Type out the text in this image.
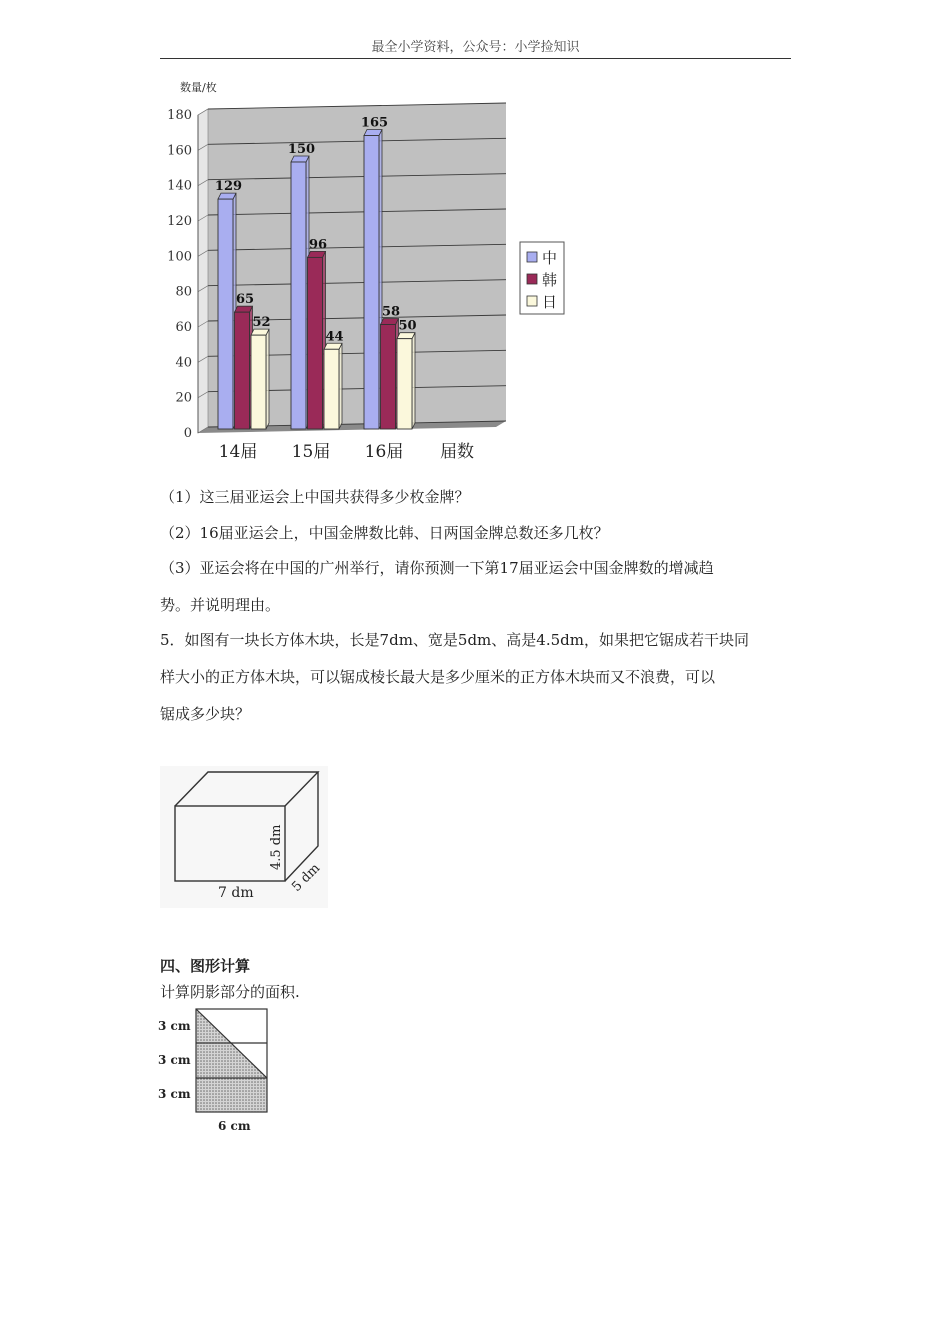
最全小学资料，公众号：小学捡知识
数量/枚
0
20
40
60
80
100
120
140
160
180
129
65
52
14届
150
96
44
15届
165
58
50
16届 届数
中
韩
日
（1）这三届亚运会上中国共获得多少枚金牌？
（2）16届亚运会上，中国金牌数比韩、日两国金牌总数还多几枚？
（3）亚运会将在中国的广州举行，请你预测一下第17届亚运会中国金牌数的增减趋
势。并说明理由。
5．如图有一块长方体木块，长是7dm、宽是5dm、高是4.5dm，如果把它锯成若干块同
样大小的正方体木块，可以锯成棱长最大是多少厘米的正方体木块而又不浪费，可以
锯成多少块？
7 dm
4.5 dm
5 dm
四、图形计算
计算阴影部分的面积.
3 cm
3 cm
3 cm
6 cm
